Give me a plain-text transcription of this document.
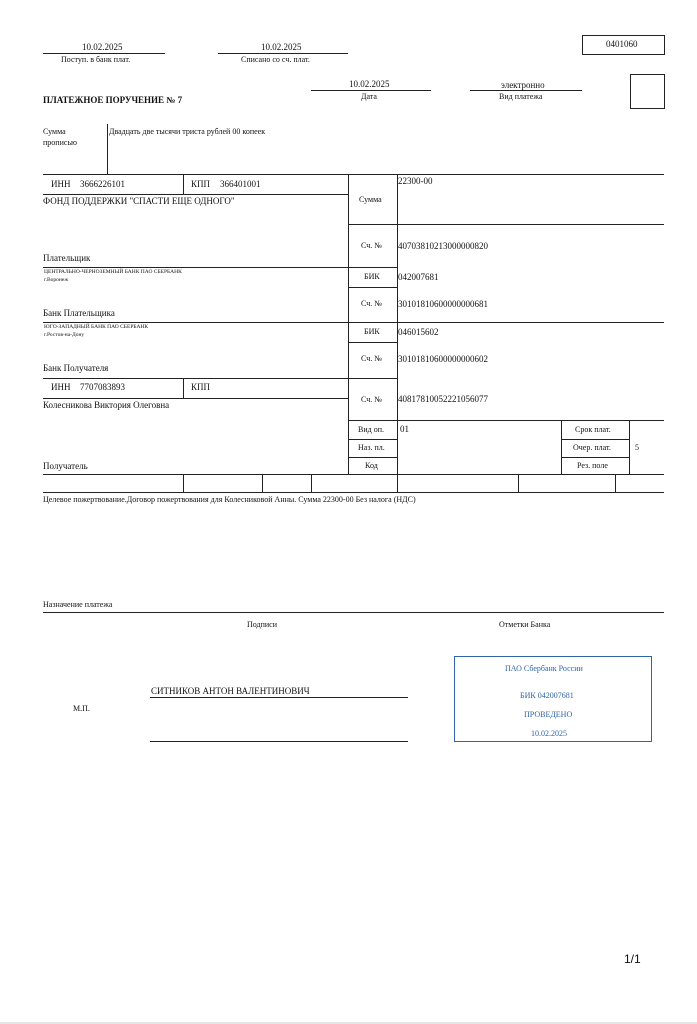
10.02.2025
Поступ. в банк плат.
10.02.2025
Списано со сч. плат.
0401060
ПЛАТЕЖНОЕ ПОРУЧЕНИЕ № 7
10.02.2025
Дата
электронно
Вид платежа
Сумма
прописью
Двадцать две тысячи триста рублей 00 копеек
ИНН 3666226101	КПП 366401001
ФОНД ПОДДЕРЖКИ "СПАСТИ ЕЩЕ ОДНОГО"
Плательщик
Сумма
22300-00
Сч. № 40703810213000000820
ЦЕНТРАЛЬНО-ЧЕРНОЗЕМНЫЙ БАНК ПАО СБЕРБАНК
г.Воронеж
Банк Плательщика
БИК 042007681
Сч. № 30101810600000000681
ЮГО-ЗАПАДНЫЙ БАНК ПАО СБЕРБАНК
г.Ростов-на-Дону
Банк Получателя
БИК 046015602
Сч. № 30101810600000000602
ИНН 7707083893	КПП
Колесникова Виктория Олеговна
Получатель
Сч. № 40817810052221056077
Вид оп. 01
Наз. пл.
Код
Срок плат.
Очер. плат.	5
Рез. поле
Целевое пожертвование.Договор пожертвования для Колесниковой Анны. Сумма 22300-00 Без налога (НДС)
Назначение платежа
Подписи	Отметки Банка
М.П.
СИТНИКОВ АНТОН ВАЛЕНТИНОВИЧ
ПАО Сбербанк России
БИК 042007681
ПРОВЕДЕНО
10.02.2025
1/1
